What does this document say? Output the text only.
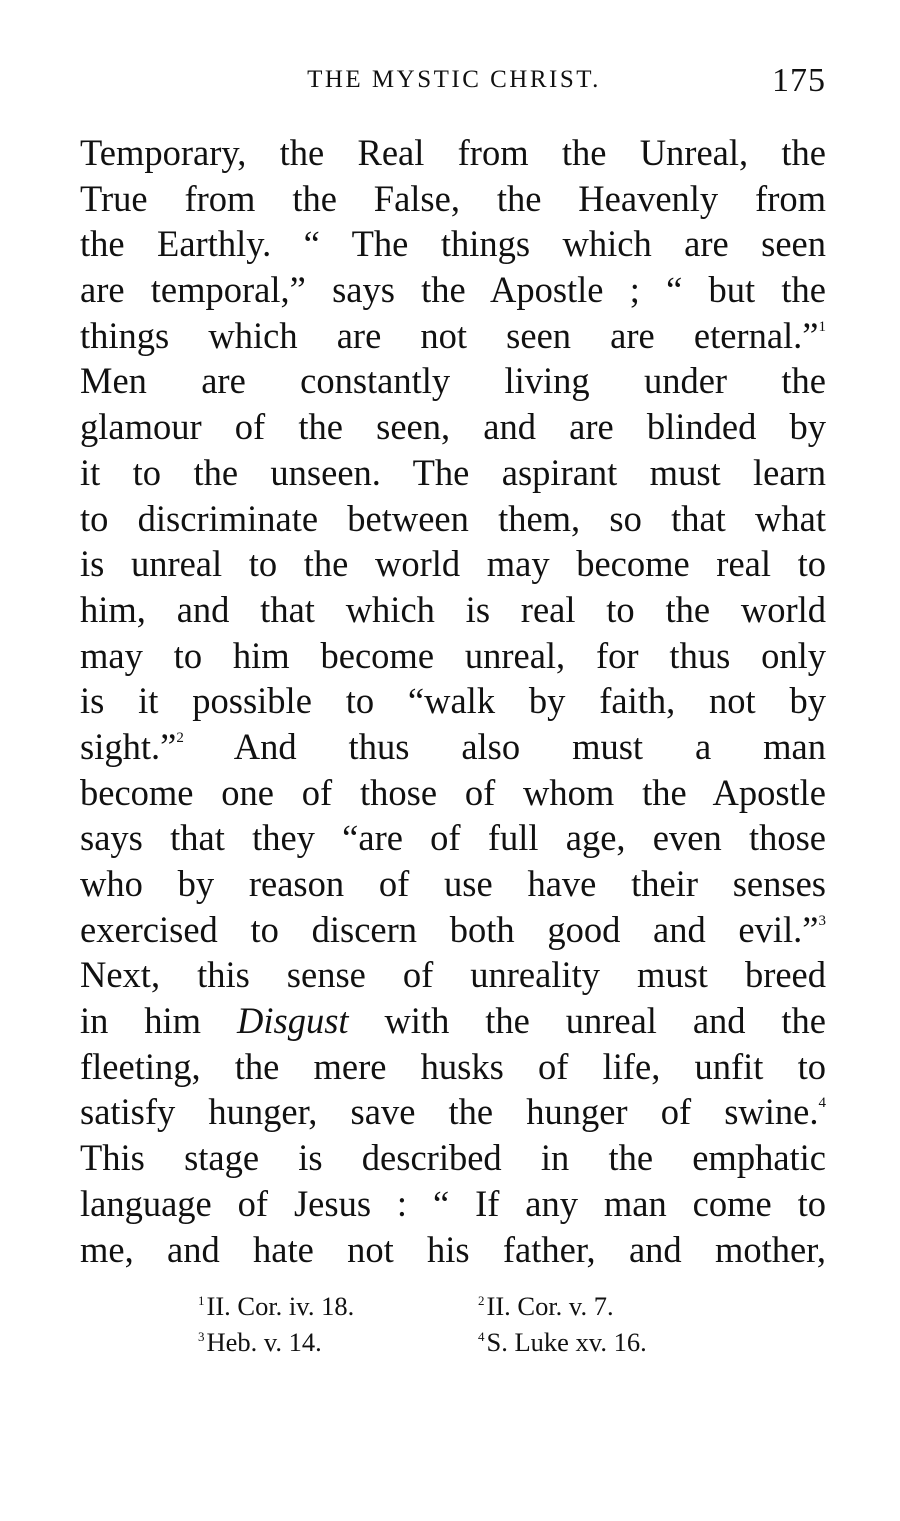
THE MYSTIC CHRIST.	175
Temporary, the Real from the Unreal, the
True from the False, the Heavenly from
the Earthly. “ The things which are seen
are temporal,” says the Apostle ; “ but the
things which are not seen are eternal.”$^1$
Men are constantly living under the
glamour of the seen, and are blinded by
it to the unseen. The aspirant must learn
to discriminate between them, so that what
is unreal to the world may become real to
him, and that which is real to the world
may to him become unreal, for thus only
is it possible to “walk by faith, not by
sight.”$^2$ And thus also must a man
become one of those of whom the Apostle
says that they “are of full age, even those
who by reason of use have their senses
exercised to discern both good and evil.”$^3$
Next, this sense of unreality must breed
in him Disgust with the unreal and the
fleeting, the mere husks of life, unfit to
satisfy hunger, save the hunger of swine.$^4$
This stage is described in the emphatic
language of Jesus : “ If any man come to
me, and hate not his father, and mother,
$^1$II. Cor. iv. 18.	$^2$II. Cor. v. 7.
$^3$Heb. v. 14.	$^4$S. Luke xv. 16.
